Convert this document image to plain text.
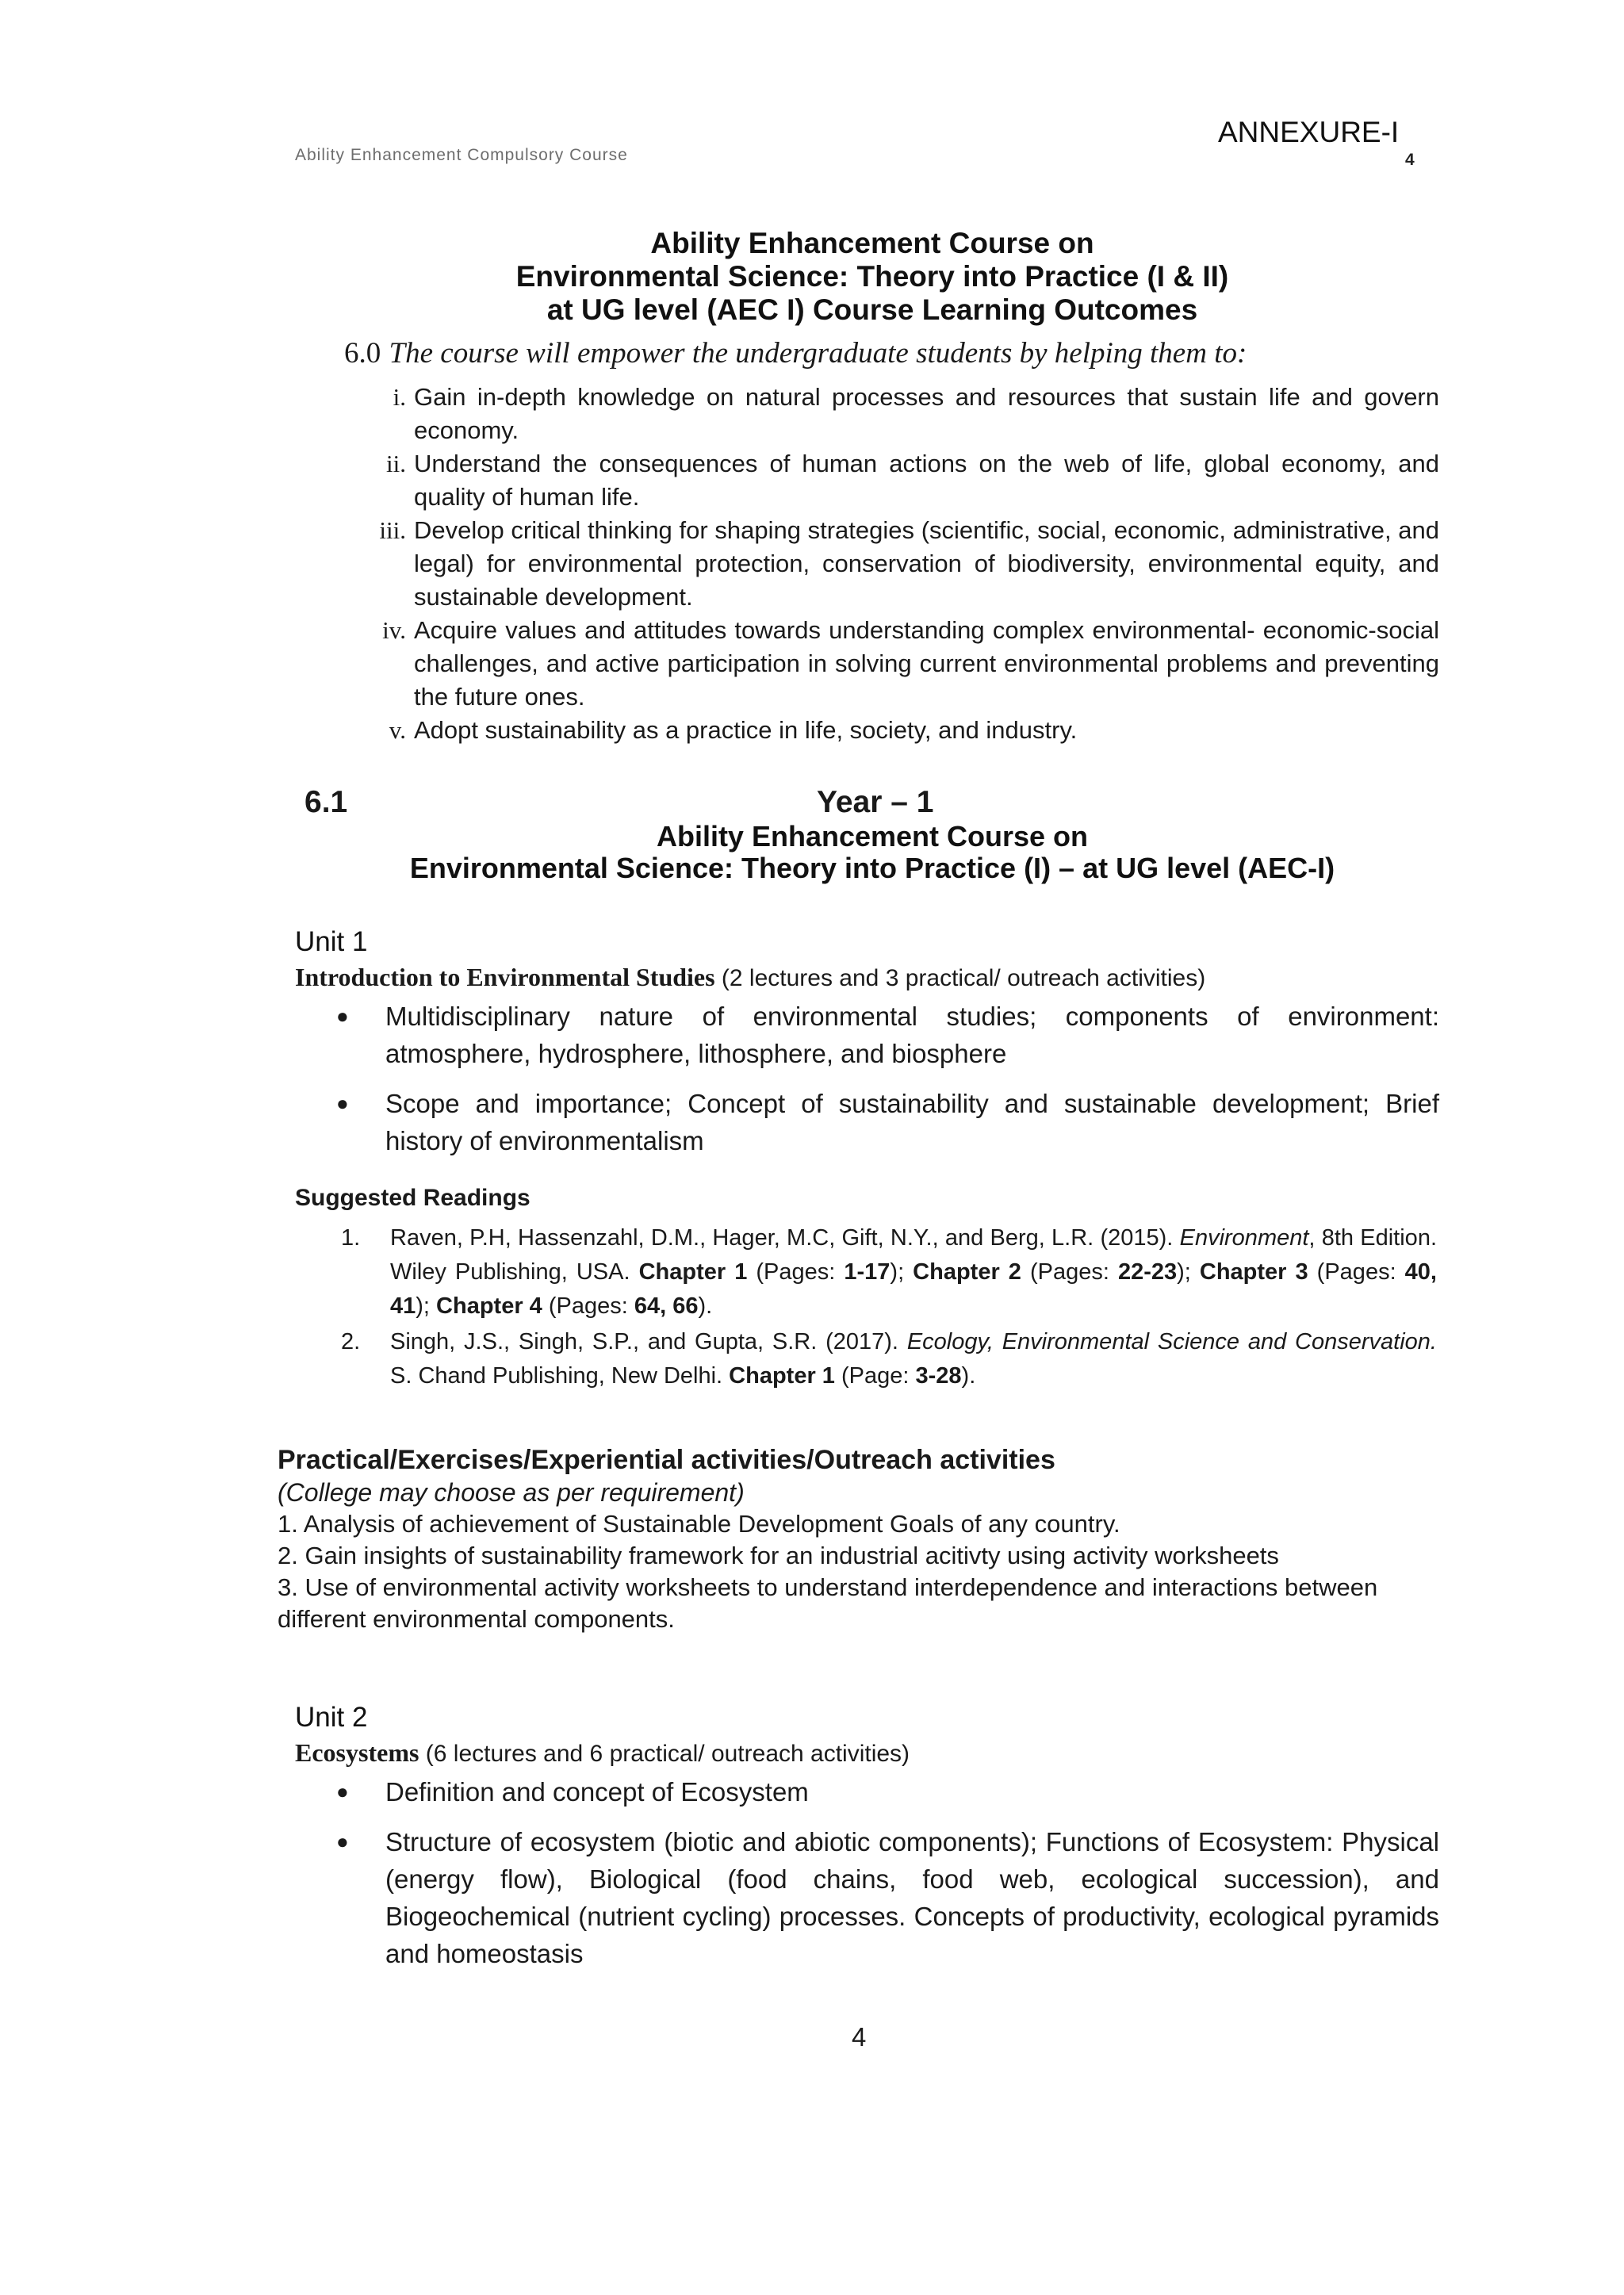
Ability Enhancement Compulsory Course
ANNEXURE-I
4
Ability Enhancement Course on
Environmental Science: Theory into Practice (I & II)
at UG level (AEC I) Course Learning Outcomes
6.0 The course will empower the undergraduate students by helping them to:
i. Gain in-depth knowledge on natural processes and resources that sustain life and govern economy.
ii. Understand the consequences of human actions on the web of life, global economy, and quality of human life.
iii. Develop critical thinking for shaping strategies (scientific, social, economic, administrative, and legal) for environmental protection, conservation of biodiversity, environmental equity, and sustainable development.
iv. Acquire values and attitudes towards understanding complex environmental- economic-social challenges, and active participation in solving current environmental problems and preventing the future ones.
v. Adopt sustainability as a practice in life, society, and industry.
6.1	Year – 1
Ability Enhancement Course on
Environmental Science: Theory into Practice (I) – at UG level (AEC-I)
Unit 1
Introduction to Environmental Studies (2 lectures and 3 practical/ outreach activities)
●	Multidisciplinary nature of environmental studies; components of environment: atmosphere, hydrosphere, lithosphere, and biosphere
●	Scope and importance; Concept of sustainability and sustainable development; Brief history of environmentalism
Suggested Readings
1.	Raven, P.H, Hassenzahl, D.M., Hager, M.C, Gift, N.Y., and Berg, L.R. (2015). Environment, 8th Edition. Wiley Publishing, USA. Chapter 1 (Pages: 1-17); Chapter 2 (Pages: 22-23); Chapter 3 (Pages: 40, 41); Chapter 4 (Pages: 64, 66).
2.	Singh, J.S., Singh, S.P., and Gupta, S.R. (2017). Ecology, Environmental Science and Conservation. S. Chand Publishing, New Delhi. Chapter 1 (Page: 3-28).
Practical/Exercises/Experiential activities/Outreach activities
(College may choose as per requirement)
1. Analysis of achievement of Sustainable Development Goals of any country.
2. Gain insights of sustainability framework for an industrial acitivty using activity worksheets
3. Use of environmental activity worksheets to understand interdependence and interactions between different environmental components.
Unit 2
Ecosystems (6 lectures and 6 practical/ outreach activities)
●	Definition and concept of Ecosystem
●	Structure of ecosystem (biotic and abiotic components); Functions of Ecosystem: Physical (energy flow), Biological (food chains, food web, ecological succession), and Biogeochemical (nutrient cycling) processes. Concepts of productivity, ecological pyramids and homeostasis
4
